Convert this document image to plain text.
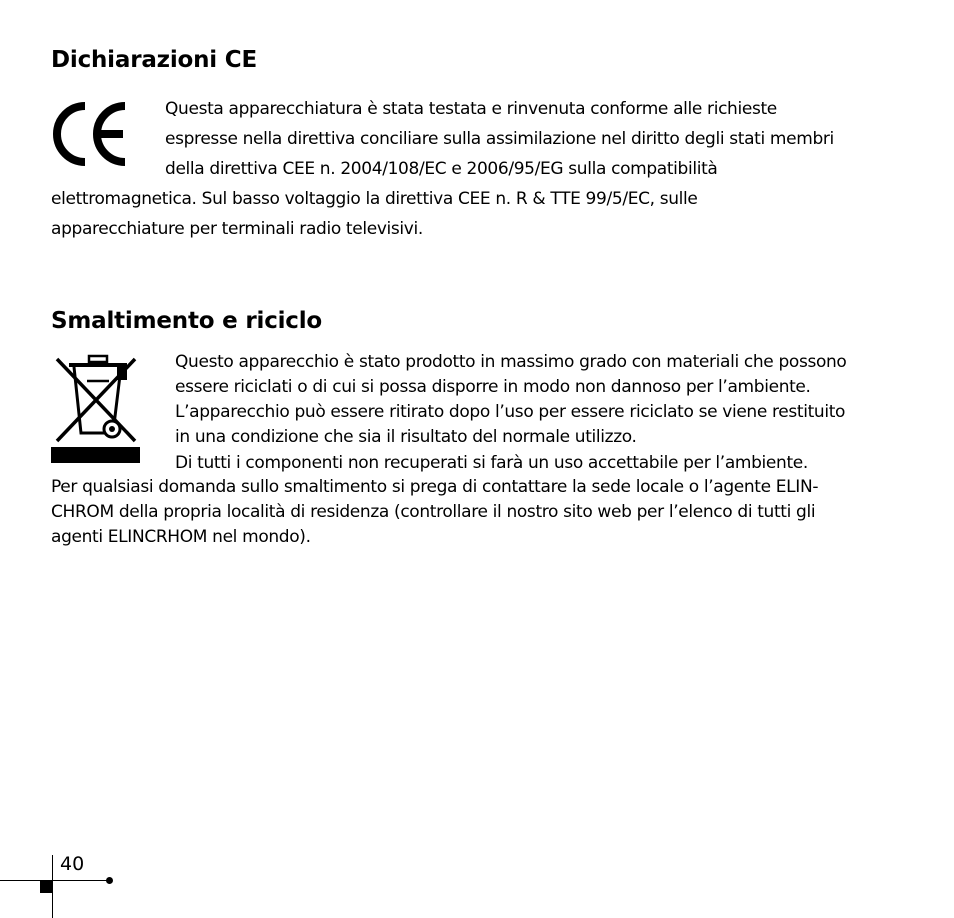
Dichiarazioni CE

Questa apparecchiatura è stata testata e rinvenuta conforme alle richieste

espresse nella direttiva conciliare sulla assimilazione nel diritto degli stati membri

della direttiva CEE n. 2004/108/EC e 2006/95/EG sulla compatibilità

elettromagnetica. Sul basso voltaggio la direttiva CEE n. R & TTE 99/5/EC, sulle

apparecchiature per terminali radio televisivi.

Smaltimento e riciclo

Questo apparecchio è stato prodotto in massimo grado con materiali che possono

essere riciclati o di cui si possa disporre in modo non dannoso per l’ambiente.

L’apparecchio può essere ritirato dopo l’uso per essere riciclato se viene restituito

in una condizione che sia il risultato del normale utilizzo.

Di tutti i componenti non recuperati si farà un uso accettabile per l’ambiente.

Per qualsiasi domanda sullo smaltimento si prega di contattare la sede locale o l’agente ELIN-

CHROM della propria località di residenza (controllare il nostro sito web per l’elenco di tutti gli

agenti ELINCRHOM nel mondo).

40
